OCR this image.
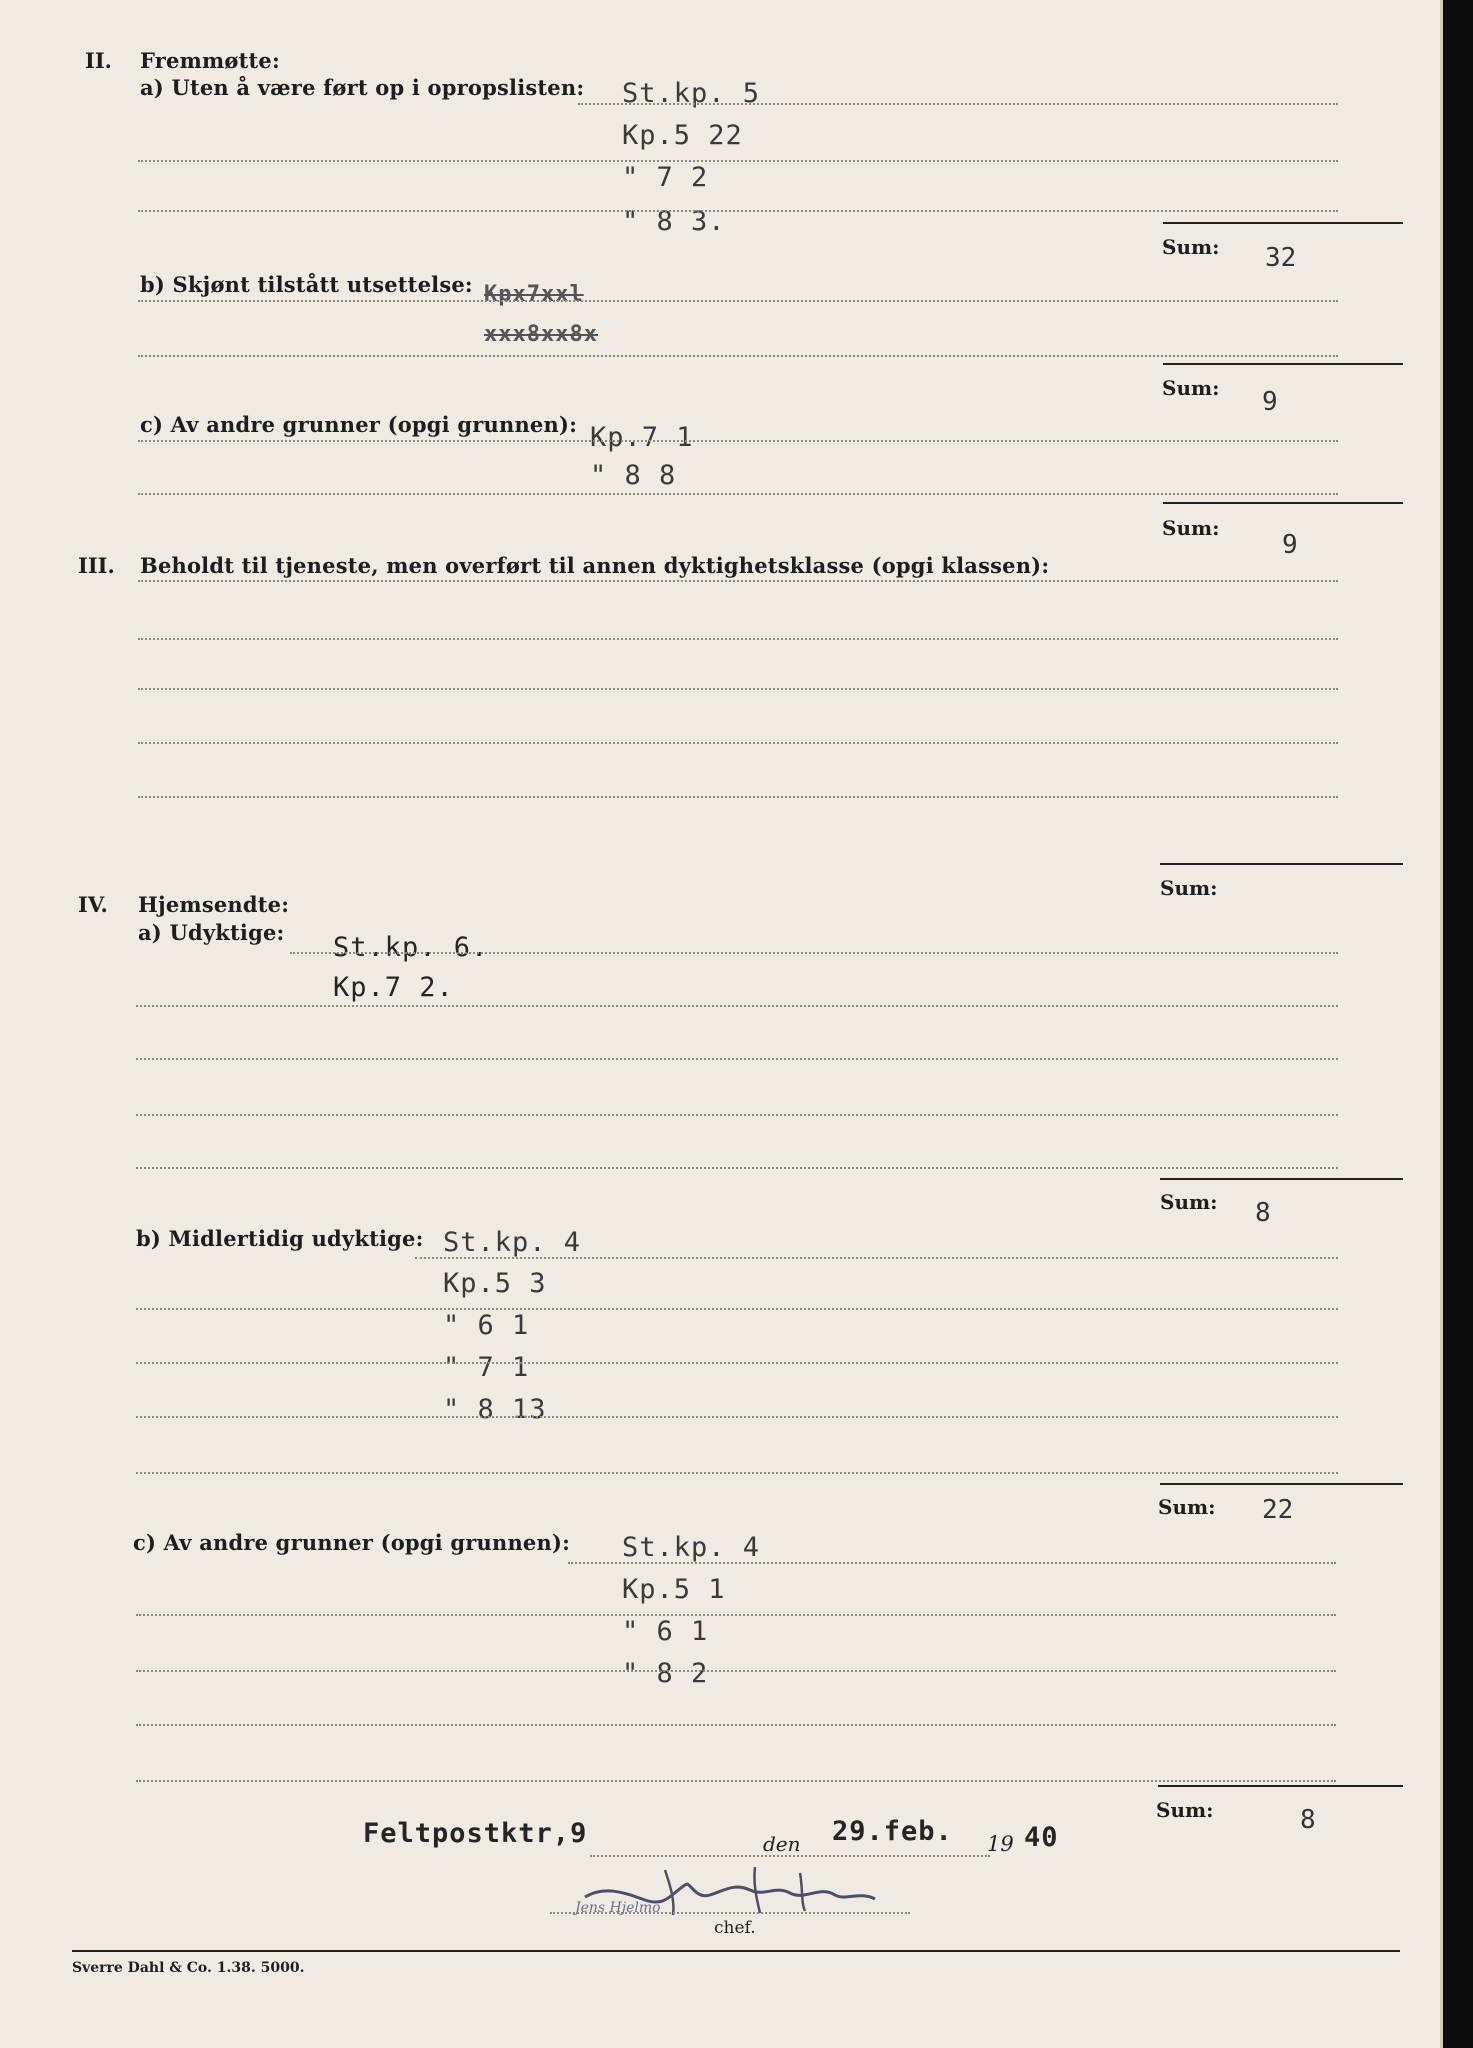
II. Fremmøtte:
a) Uten å være ført op i opropslisten: St.kp. 5
Kp.5 22
" 7 2
" 8 3.
Sum: 32
b) Skjønt tilstått utsettelse: Kpx7xxl
xxx8xx8x
Sum: 9
c) Av andre grunner (opgi grunnen): Kp.7 1
" 8 8
Sum:
9
III. Beholdt til tjeneste, men overført til annen dyktighetsklasse (opgi klassen):
Sum:
IV. Hjemsendte:
a) Udyktige: St.kp. 6.
Kp.7 2.
Sum: 8
b) Midlertidig udyktige: St.kp. 4
Kp.5 3
" 6 1
" 7 1
" 8 13
Sum: 22
c) Av andre grunner (opgi grunnen): St.kp. 4
Kp.5 1
" 6 1
" 8 2
Sum:	8
Feltpostktr,9	den 29.feb. 19 40
chef.
Jens Hjelmo
Sverre Dahl & Co. 1.38. 5000.
